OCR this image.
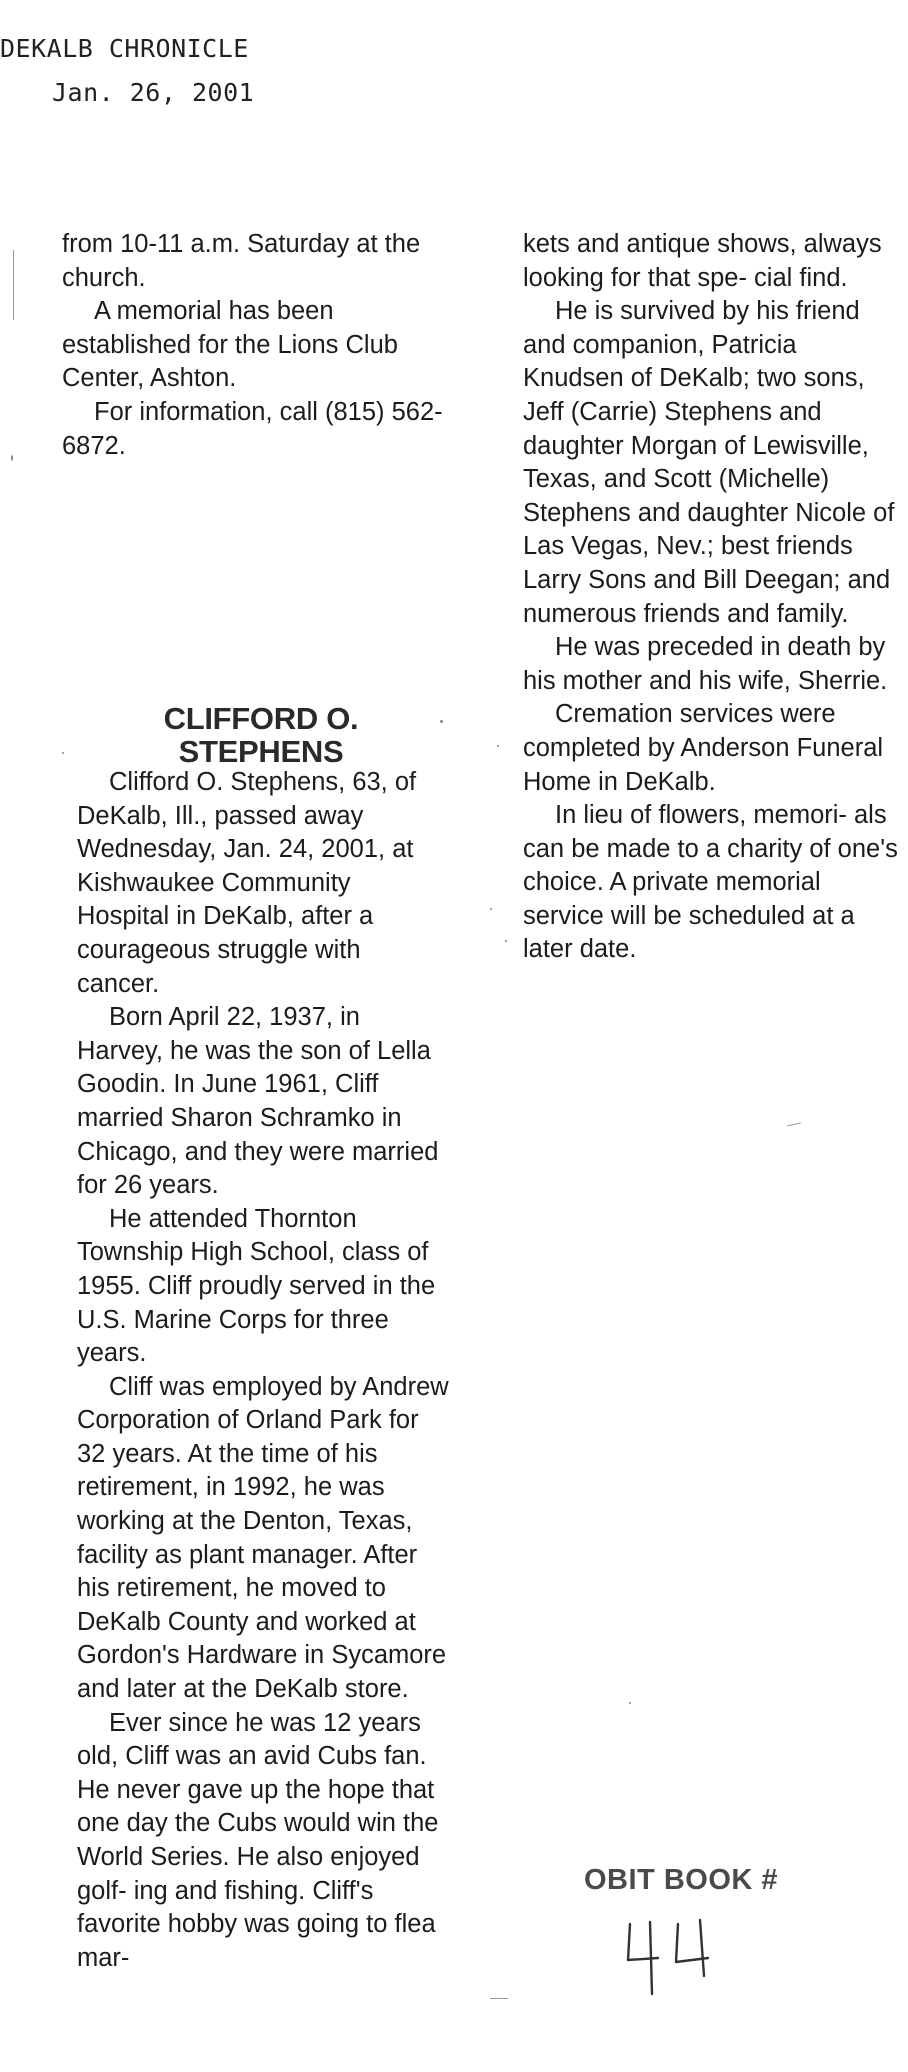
DEKALB CHRONICLE
Jan. 26, 2001

from 10-11 a.m. Saturday at the church.

A memorial has been established for the Lions Club Center, Ashton.

For information, call (815) 562-6872.

CLIFFORD O.
STEPHENS

Clifford O. Stephens, 63, of DeKalb, Ill., passed away Wednesday, Jan. 24, 2001, at Kishwaukee Community Hospital in DeKalb, after a courageous struggle with cancer.

Born April 22, 1937, in Harvey, he was the son of Lella Goodin. In June 1961, Cliff married Sharon Schramko in Chicago, and they were married for 26 years.

He attended Thornton Township High School, class of 1955. Cliff proudly served in the U.S. Marine Corps for three years.

Cliff was employed by Andrew Corporation of Orland Park for 32 years. At the time of his retirement, in 1992, he was working at the Denton, Texas, facility as plant manager. After his retirement, he moved to DeKalb County and worked at Gordon's Hardware in Sycamore and later at the DeKalb store.

Ever since he was 12 years old, Cliff was an avid Cubs fan. He never gave up the hope that one day the Cubs would win the World Series. He also enjoyed golf- ing and fishing. Cliff's favorite hobby was going to flea mar-

kets and antique shows, always looking for that spe- cial find.

He is survived by his friend and companion, Patricia Knudsen of DeKalb; two sons, Jeff (Carrie) Stephens and daughter Morgan of Lewisville, Texas, and Scott (Michelle) Stephens and daughter Nicole of Las Vegas, Nev.; best friends Larry Sons and Bill Deegan; and numerous friends and family.

He was preceded in death by his mother and his wife, Sherrie.

Cremation services were completed by Anderson Funeral Home in DeKalb.

In lieu of flowers, memori- als can be made to a charity of one's choice. A private memorial service will be scheduled at a later date.

OBIT BOOK #
